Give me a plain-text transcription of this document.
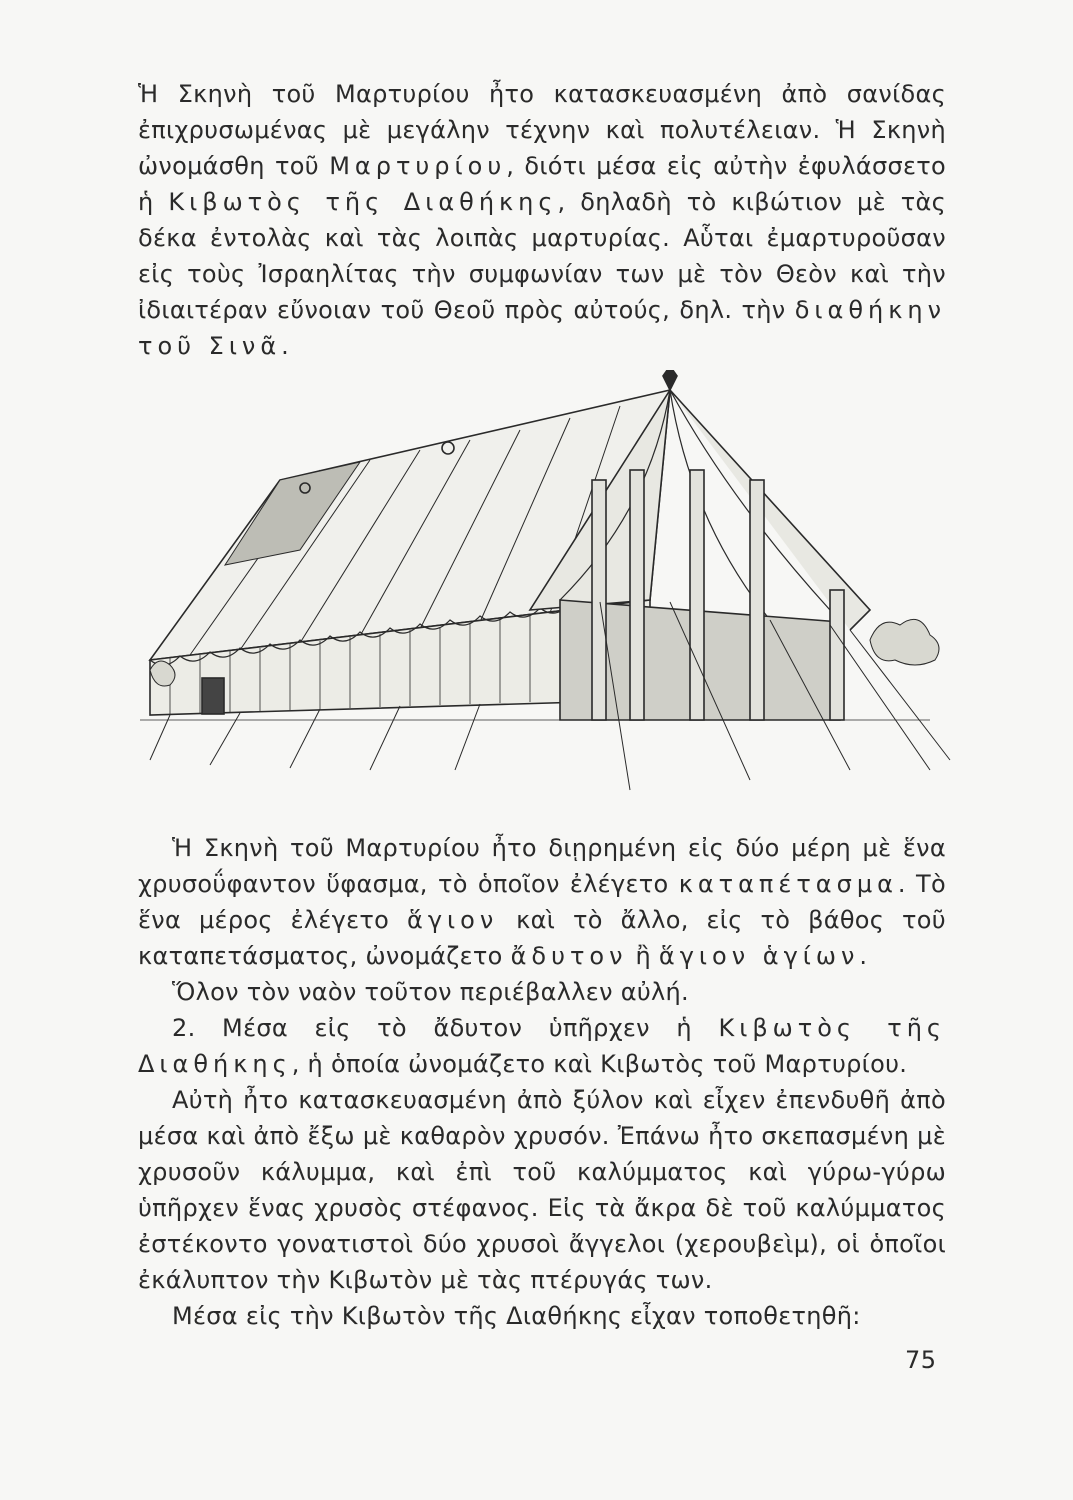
Ἡ Σκηνὴ τοῦ Μαρτυρίου ἦτο κατασκευασμένη ἀπὸ σανίδας ἐπιχρυσωμένας μὲ μεγάλην τέχνην καὶ πολυτέλειαν. Ἡ Σκηνὴ ὠνομάσθη τοῦ Μαρτυρίου, διότι μέσα εἰς αὐτὴν ἐφυλάσσετο ἡ Κιβωτὸς τῆς Διαθήκης, δηλαδὴ τὸ κιβώτιον μὲ τὰς δέκα ἐντολὰς καὶ τὰς λοιπὰς μαρτυρίας. Αὗται ἐμαρτυροῦσαν εἰς τοὺς Ἰσραηλίτας τὴν συμφωνίαν των μὲ τὸν Θεὸν καὶ τὴν ἰδιαιτέραν εὔνοιαν τοῦ Θεοῦ πρὸς αὐτούς, δηλ. τὴν διαθήκην τοῦ Σινᾶ.

Ἡ Σκηνὴ τοῦ Μαρτυρίου ἦτο διῃρημένη εἰς δύο μέρη μὲ ἕνα χρυσοΰφαντον ὕφασμα, τὸ ὁποῖον ἐλέγετο καταπέτασμα. Τὸ ἕνα μέρος ἐλέγετο ἅγιον καὶ τὸ ἄλλο, εἰς τὸ βάθος τοῦ καταπετάσματος, ὠνομάζετο ἄδυτον ἢ ἅγιον ἁγίων.

Ὅλον τὸν ναὸν τοῦτον περιέβαλλεν αὐλή.

2. Μέσα εἰς τὸ ἄδυτον ὑπῆρχεν ἡ Κιβωτὸς τῆς Διαθήκης, ἡ ὁποία ὠνομάζετο καὶ Κιβωτὸς τοῦ Μαρτυρίου.

Αὐτὴ ἦτο κατασκευασμένη ἀπὸ ξύλον καὶ εἶχεν ἐπενδυθῆ ἀπὸ μέσα καὶ ἀπὸ ἔξω μὲ καθαρὸν χρυσόν. Ἐπάνω ἦτο σκεπασμένη μὲ χρυσοῦν κάλυμμα, καὶ ἐπὶ τοῦ καλύμματος καὶ γύρω-γύρω ὑπῆρχεν ἕνας χρυσὸς στέφανος. Εἰς τὰ ἄκρα δὲ τοῦ καλύμματος ἐστέκοντο γονατιστοὶ δύο χρυσοὶ ἄγγελοι (χερουβεὶμ), οἱ ὁποῖοι ἐκάλυπτον τὴν Κιβωτὸν μὲ τὰς πτέρυγάς των.

Μέσα εἰς τὴν Κιβωτὸν τῆς Διαθήκης εἶχαν τοποθετηθῆ:

75
